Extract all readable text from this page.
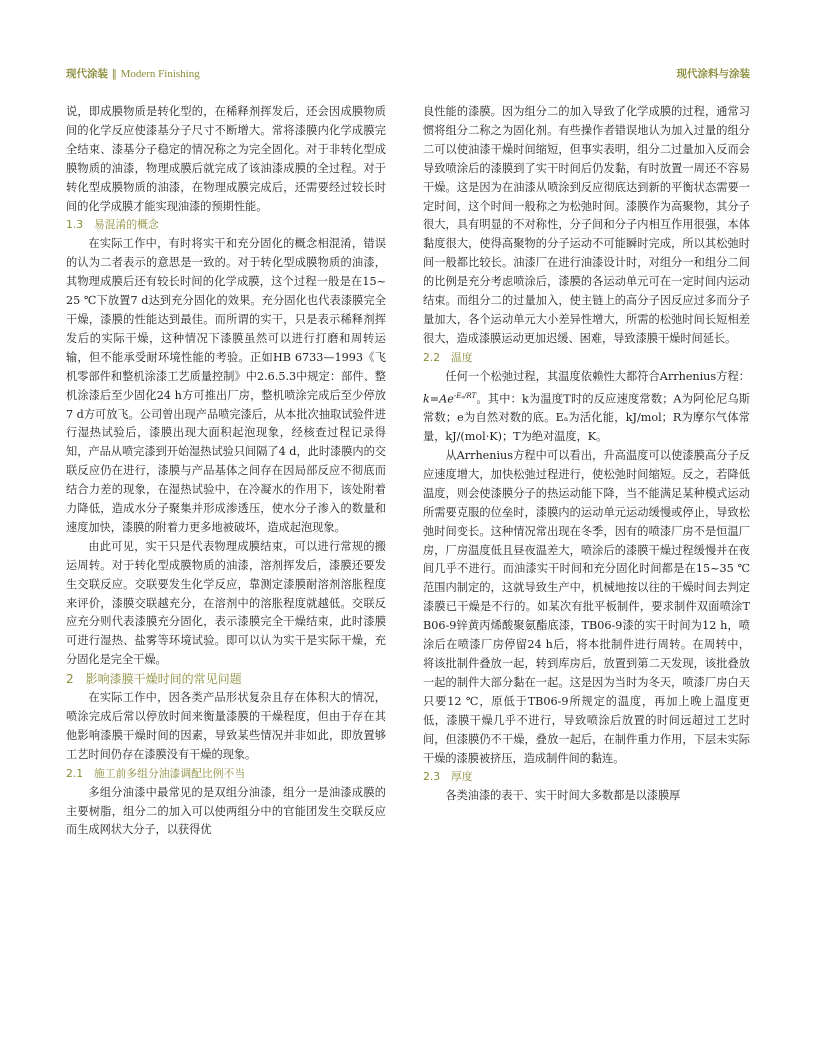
现代涂装 ‖ Modern Finishing	现代涂料与涂装

说，即成膜物质是转化型的，在稀释剂挥发后，还会因成膜物质间的化学反应使漆基分子尺寸不断增大。常将漆膜内化学成膜完全结束、漆基分子稳定的情况称之为完全固化。对于非转化型成膜物质的油漆，物理成膜后就完成了该油漆成膜的全过程。对于转化型成膜物质的油漆，在物理成膜完成后，还需要经过较长时间的化学成膜才能实现油漆的预期性能。

1.3　易混淆的概念

在实际工作中，有时将实干和充分固化的概念相混淆，错误的认为二者表示的意思是一致的。对于转化型成膜物质的油漆，其物理成膜后还有较长时间的化学成膜，这个过程一般是在15~25 ℃下放置7 d达到充分固化的效果。充分固化也代表漆膜完全干燥，漆膜的性能达到最佳。而所谓的实干，只是表示稀释剂挥发后的实际干燥，这种情况下漆膜虽然可以进行打磨和周转运输，但不能承受耐环境性能的考验。正如HB 6733—1993《飞机零部件和整机涂漆工艺质量控制》中2.6.5.3中规定：部件、整机涂漆后至少固化24 h方可推出厂房，整机喷涂完成后至少停放7 d方可放飞。公司曾出现产品喷完漆后，从本批次抽取试验件进行湿热试验后，漆膜出现大面积起泡现象，经核查过程记录得知，产品从喷完漆到开始湿热试验只间隔了4 d，此时漆膜内的交联反应仍在进行，漆膜与产品基体之间存在因局部反应不彻底而结合力差的现象，在湿热试验中，在冷凝水的作用下，该处附着力降低，造成水分子聚集并形成渗透压，使水分子渗入的数量和速度加快，漆膜的附着力更多地被破坏，造成起泡现象。

由此可见，实干只是代表物理成膜结束，可以进行常规的搬运周转。对于转化型成膜物质的油漆，溶剂挥发后，漆膜还要发生交联反应。交联要发生化学反应，靠测定漆膜耐溶剂溶胀程度来评价，漆膜交联越充分，在溶剂中的溶胀程度就越低。交联反应充分则代表漆膜充分固化，表示漆膜完全干燥结束，此时漆膜可进行湿热、盐雾等环境试验。即可以认为实干是实际干燥，充分固化是完全干燥。

2　影响漆膜干燥时间的常见问题

在实际工作中，因各类产品形状复杂且存在体积大的情况，喷涂完成后常以停放时间来衡量漆膜的干燥程度，但由于存在其他影响漆膜干燥时间的因素，导致某些情况并非如此，即放置够工艺时间仍存在漆膜没有干燥的现象。

2.1　施工前多组分油漆调配比例不当

多组分油漆中最常见的是双组分油漆，组分一是油漆成膜的主要树脂，组分二的加入可以使两组分中的官能团发生交联反应而生成网状大分子，以获得优

良性能的漆膜。因为组分二的加入导致了化学成膜的过程，通常习惯将组分二称之为固化剂。有些操作者错误地认为加入过量的组分二可以使油漆干燥时间缩短，但事实表明，组分二过量加入反而会导致喷涂后的漆膜到了实干时间后仍发黏，有时放置一周还不容易干燥。这是因为在油漆从喷涂到反应彻底达到新的平衡状态需要一定时间，这个时间一般称之为松弛时间。漆膜作为高聚物，其分子很大，具有明显的不对称性，分子间和分子内相互作用很强，本体黏度很大，使得高聚物的分子运动不可能瞬时完成，所以其松弛时间一般都比较长。油漆厂在进行油漆设计时，对组分一和组分二间的比例是充分考虑喷涂后，漆膜的各运动单元可在一定时间内运动结束。而组分二的过量加入，使主链上的高分子因反应过多而分子量加大，各个运动单元大小差异性增大，所需的松弛时间长短相差很大，造成漆膜运动更加迟缓、困难，导致漆膜干燥时间延长。

2.2　温度

任何一个松弛过程，其温度依赖性大都符合Arrhenius方程：$k=Ae^{-E_a/RT}$。其中：k为温度T时的反应速度常数；A为阿伦尼乌斯常数；e为自然对数的底。Eₐ为活化能，kJ/mol；R为摩尔气体常量，kJ/(mol·K)；T为绝对温度，K。

从Arrhenius方程中可以看出，升高温度可以使漆膜高分子反应速度增大，加快松弛过程进行，使松弛时间缩短。反之，若降低温度，则会使漆膜分子的热运动能下降，当不能满足某种模式运动所需要克服的位垒时，漆膜内的运动单元运动缓慢或停止，导致松弛时间变长。这种情况常出现在冬季，因有的喷漆厂房不是恒温厂房，厂房温度低且昼夜温差大，喷涂后的漆膜干燥过程缓慢并在夜间几乎不进行。而油漆实干时间和充分固化时间都是在15~35 ℃范围内制定的，这就导致生产中，机械地按以往的干燥时间去判定漆膜已干燥是不行的。如某次有批平板制件，要求制件双面喷涂TB06-9锌黄丙烯酸聚氨酯底漆，TB06-9漆的实干时间为12 h，喷涂后在喷漆厂房停留24 h后，将本批制件进行周转。在周转中，将该批制件叠放一起，转到库房后，放置到第二天发现，该批叠放一起的制件大部分黏在一起。这是因为当时为冬天，喷漆厂房白天只要12 ℃，原低于TB06-9所规定的温度，再加上晚上温度更低，漆膜干燥几乎不进行，导致喷涂后放置的时间远超过工艺时间，但漆膜仍不干燥，叠放一起后，在制件重力作用，下层未实际干燥的漆膜被挤压，造成制件间的黏连。

2.3　厚度

各类油漆的表干、实干时间大多数都是以漆膜厚
